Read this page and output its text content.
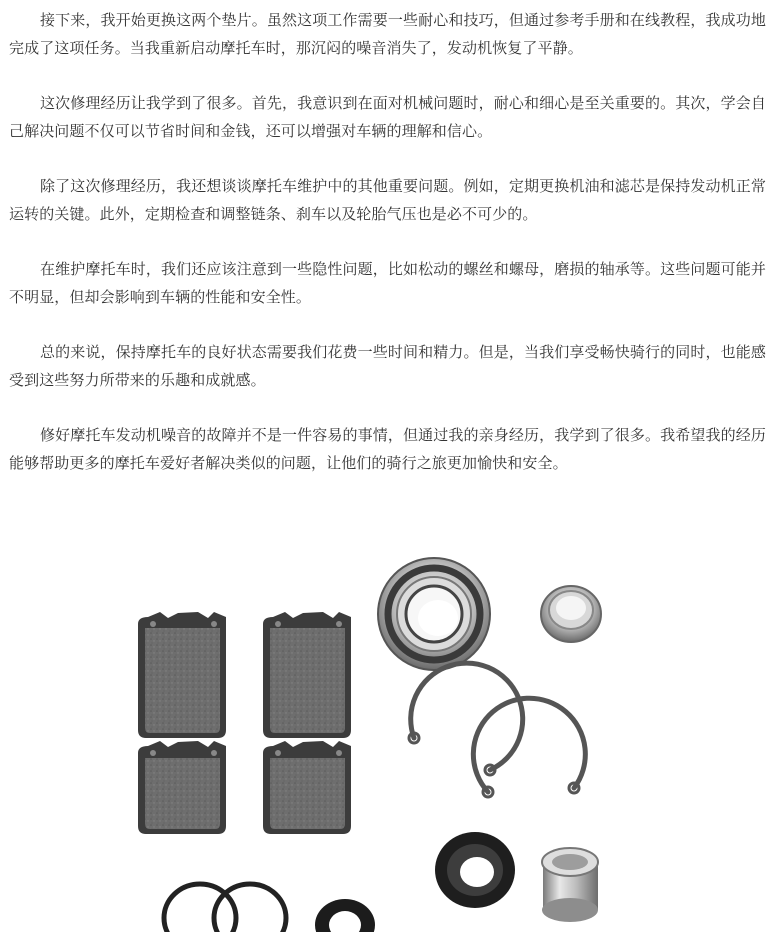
接下来，我开始更换这两个垫片。虽然这项工作需要一些耐心和技巧，但通过参考手册和在线教程，我成功地完成了这项任务。当我重新启动摩托车时，那沉闷的噪音消失了，发动机恢复了平静。

这次修理经历让我学到了很多。首先，我意识到在面对机械问题时，耐心和细心是至关重要的。其次，学会自己解决问题不仅可以节省时间和金钱，还可以增强对车辆的理解和信心。

除了这次修理经历，我还想谈谈摩托车维护中的其他重要问题。例如，定期更换机油和滤芯是保持发动机正常运转的关键。此外，定期检查和调整链条、刹车以及轮胎气压也是必不可少的。

在维护摩托车时，我们还应该注意到一些隐性问题，比如松动的螺丝和螺母，磨损的轴承等。这些问题可能并不明显，但却会影响到车辆的性能和安全性。

总的来说，保持摩托车的良好状态需要我们花费一些时间和精力。但是，当我们享受畅快骑行的同时，也能感受到这些努力所带来的乐趣和成就感。

修好摩托车发动机噪音的故障并不是一件容易的事情，但通过我的亲身经历，我学到了很多。我希望我的经历能够帮助更多的摩托车爱好者解决类似的问题，让他们的骑行之旅更加愉快和安全。
